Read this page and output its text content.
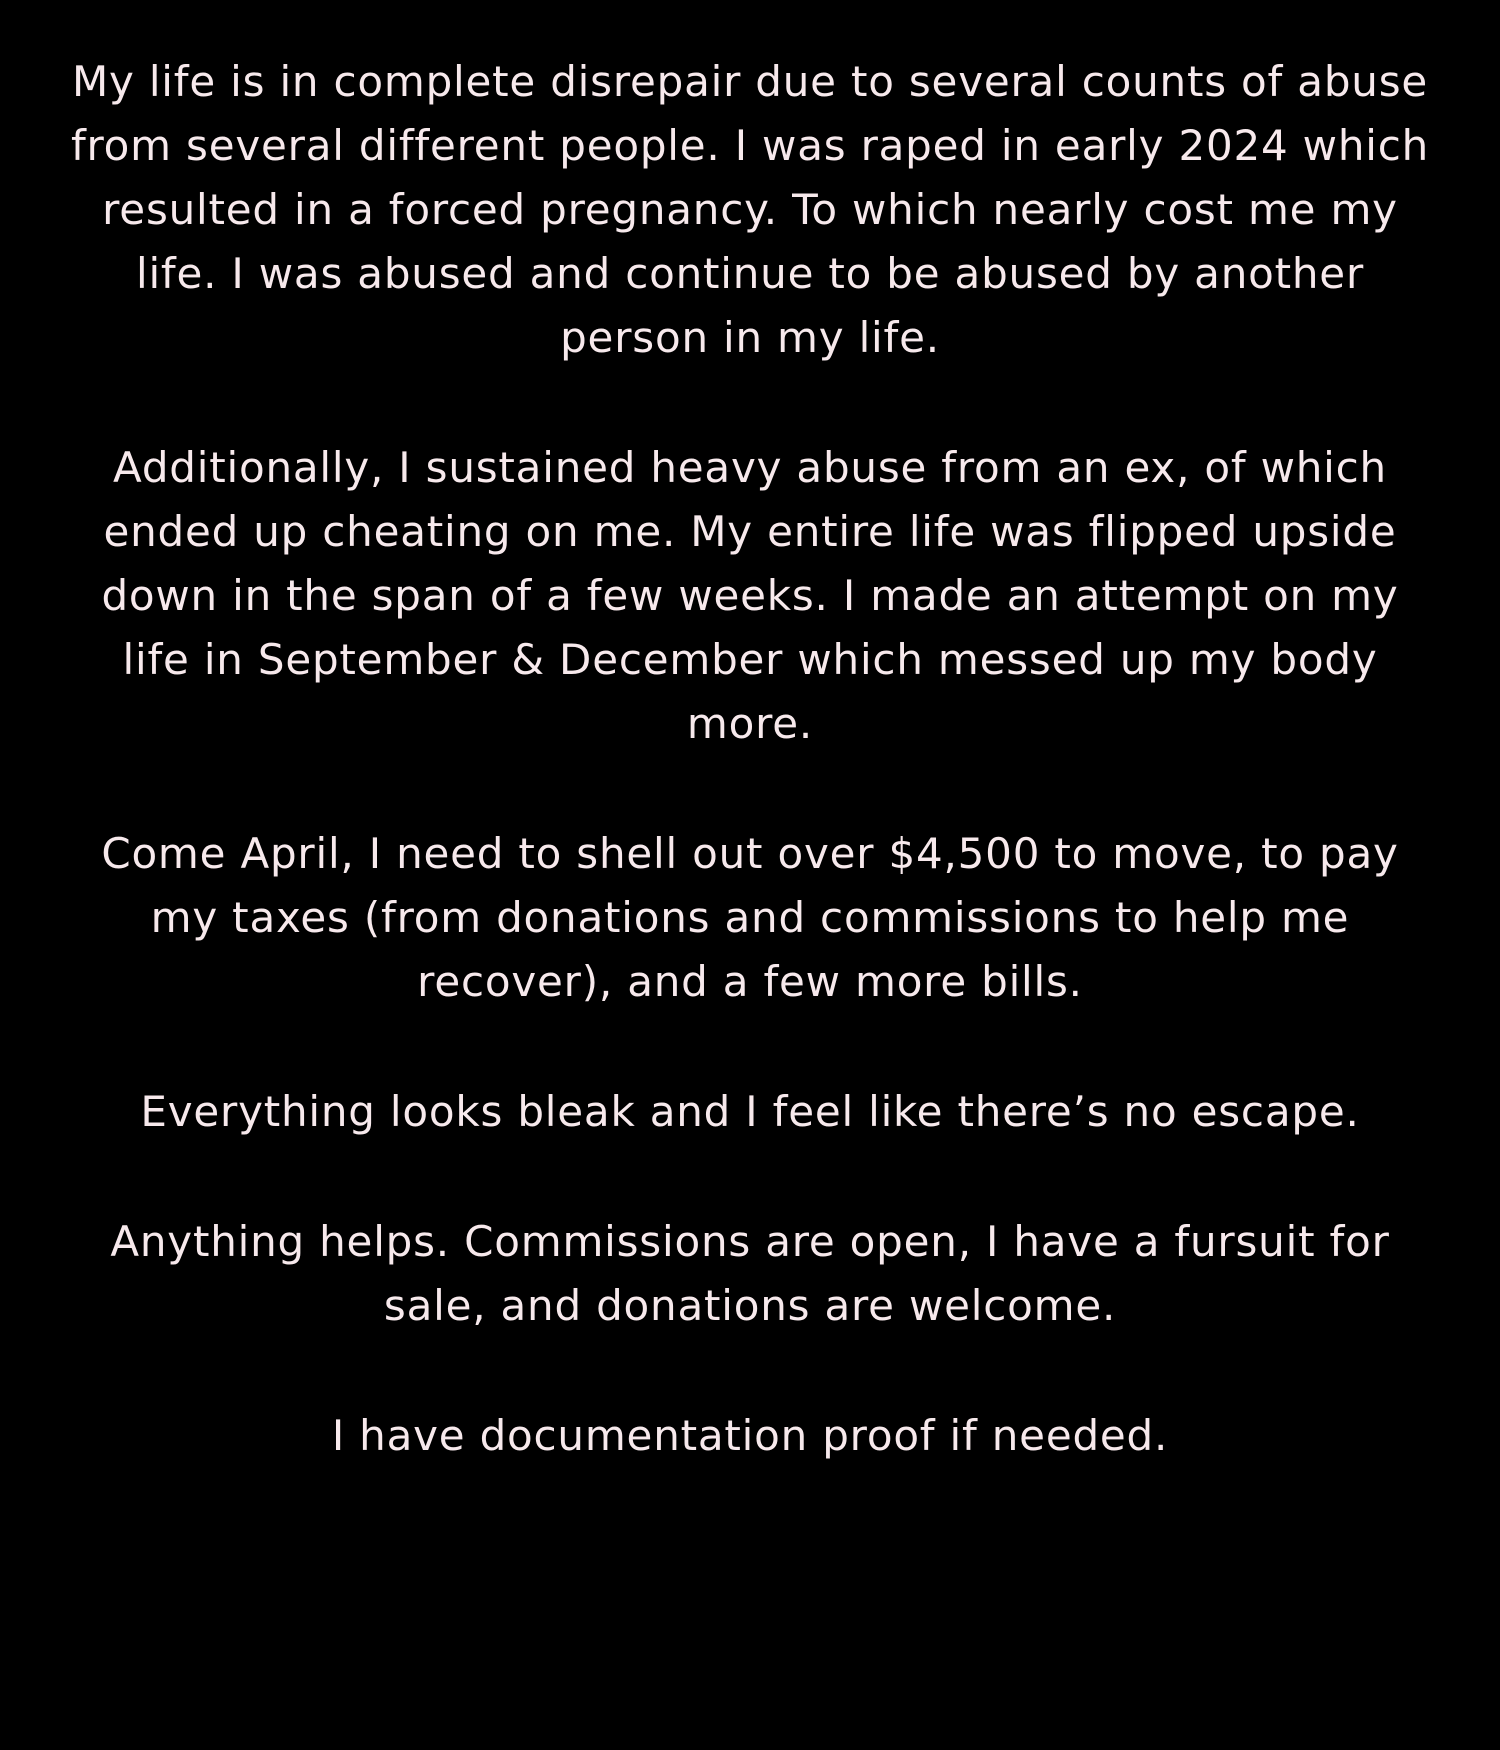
My life is in complete disrepair due to several counts of abuse from several different people. I was raped in early 2024 which resulted in a forced pregnancy. To which nearly cost me my life. I was abused and continue to be abused by another person in my life.

Additionally, I sustained heavy abuse from an ex, of which ended up cheating on me. My entire life was flipped upside down in the span of a few weeks. I made an attempt on my life in September & December which messed up my body more.

Come April, I need to shell out over $4,500 to move, to pay my taxes (from donations and commissions to help me recover), and a few more bills.

Everything looks bleak and I feel like there’s no escape.

Anything helps. Commissions are open, I have a fursuit for sale, and donations are welcome.

I have documentation proof if needed.
